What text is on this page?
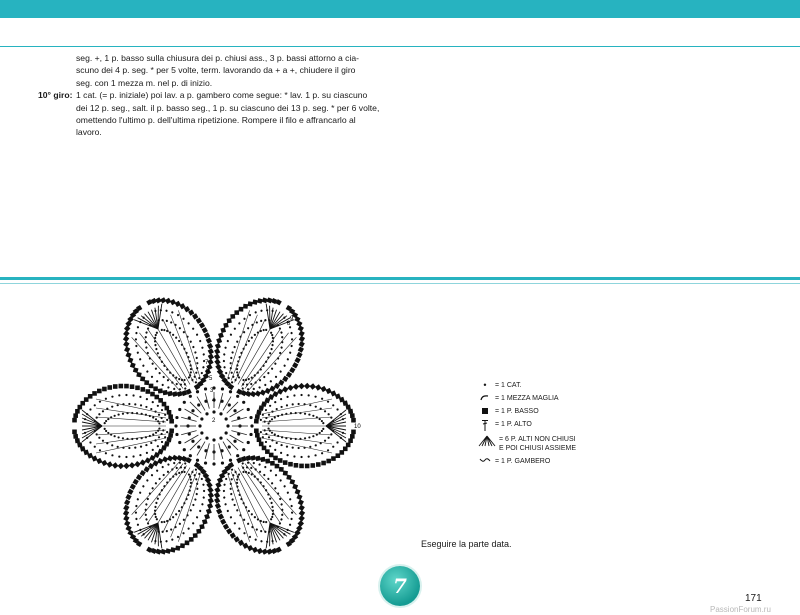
seg. +, 1 p. basso sulla chiusura dei p. chiusi ass., 3 p. bassi attorno a cia-
scuno dei 4 p. seg. * per 5 volte, term. lavorando da + a +, chiudere il giro
seg. con 1 mezza m. nel p. di inizio.
10° giro: 1 cat. (= p. iniziale) poi lav. a p. gambero come segue: * lav. 1 p. su ciascuno
dei 12 p. seg., salt. il p. basso seg., 1 p. su ciascuno dei 13 p. seg. * per 6 volte,
omettendo l'ultimo p. dell'ultima ripetizione. Rompere il filo e affrancarlo al
lavoro.
2
3
4
5
6
7
8
9
10
•	= 1 CAT.
= 1 MEZZA MAGLIA
= 1 P. BASSO
= 1 P. ALTO
= 6 P. ALTI NON CHIUSI
E POI CHIUSI ASSIEME
= 1 P. GAMBERO
Eseguire la parte data.
7
171
PassionForum.ru
